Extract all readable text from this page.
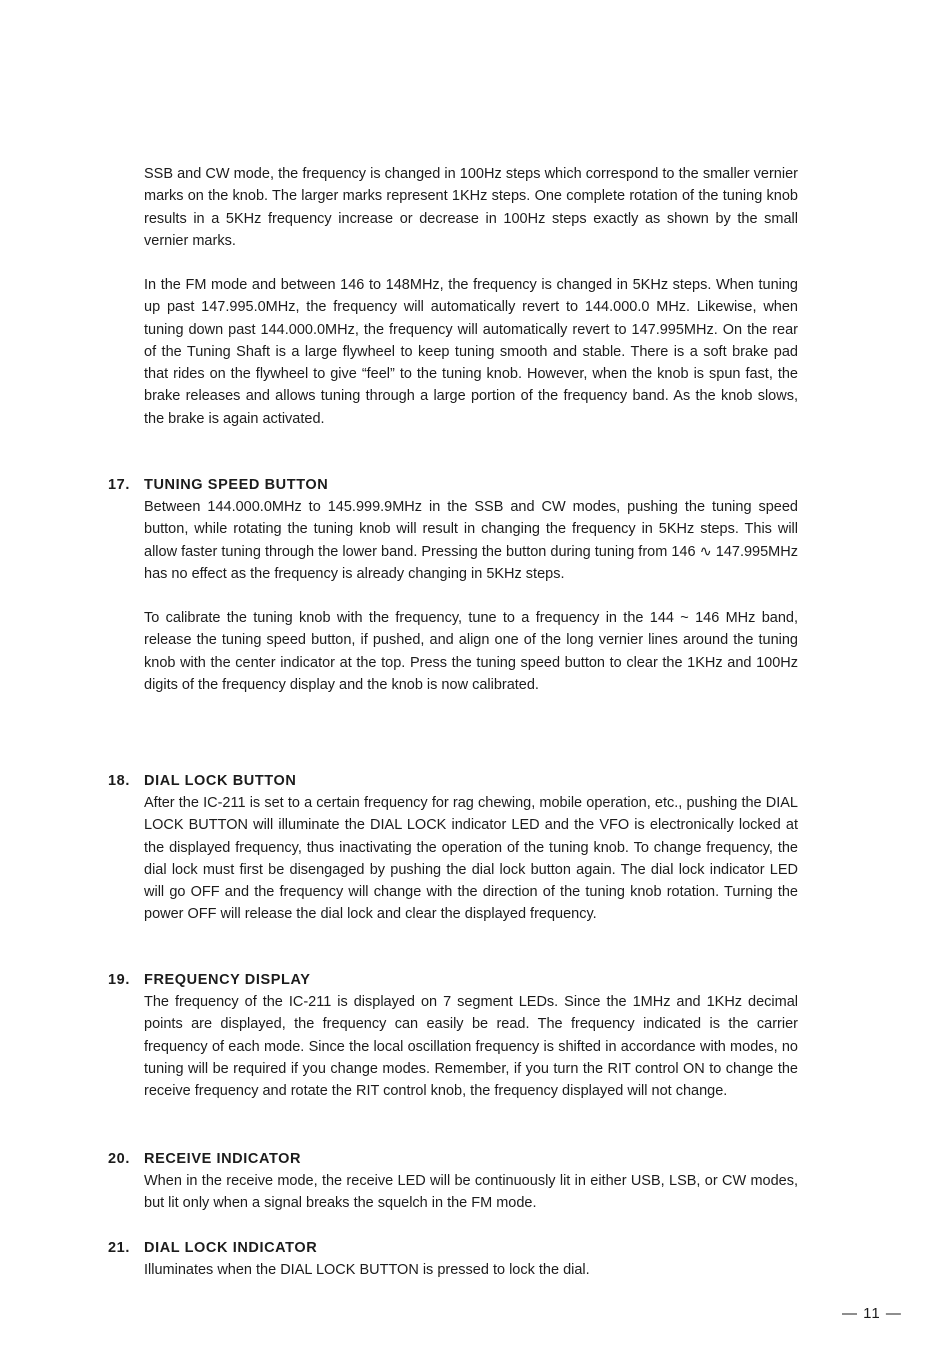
SSB and CW mode, the frequency is changed in 100Hz steps which correspond to the smaller vernier marks on the knob. The larger marks represent 1KHz steps. One complete rotation of the tuning knob results in a 5KHz frequency increase or decrease in 100Hz steps exactly as shown by the small vernier marks.

In the FM mode and between 146 to 148MHz, the frequency is changed in 5KHz steps. When tuning up past 147.995.0MHz, the frequency will automatically revert to 144.000.0 MHz. Likewise, when tuning down past 144.000.0MHz, the frequency will automatically revert to 147.995MHz. On the rear of the Tuning Shaft is a large flywheel to keep tuning smooth and stable. There is a soft brake pad that rides on the flywheel to give “feel” to the tuning knob. However, when the knob is spun fast, the brake releases and allows tuning through a large portion of the frequency band. As the knob slows, the brake is again activated.

17. TUNING SPEED BUTTON
Between 144.000.0MHz to 145.999.9MHz in the SSB and CW modes, pushing the tuning speed button, while rotating the tuning knob will result in changing the frequency in 5KHz steps. This will allow faster tuning through the lower band. Pressing the button during tuning from 146 ∿ 147.995MHz has no effect as the frequency is already changing in 5KHz steps.
To calibrate the tuning knob with the frequency, tune to a frequency in the 144 ~ 146 MHz band, release the tuning speed button, if pushed, and align one of the long vernier lines around the tuning knob with the center indicator at the top. Press the tuning speed button to clear the 1KHz and 100Hz digits of the frequency display and the knob is now calibrated.
18. DIAL LOCK BUTTON
After the IC-211 is set to a certain frequency for rag chewing, mobile operation, etc., pushing the DIAL LOCK BUTTON will illuminate the DIAL LOCK indicator LED and the VFO is electronically locked at the displayed frequency, thus inactivating the operation of the tuning knob. To change frequency, the dial lock must first be disengaged by pushing the dial lock button again. The dial lock indicator LED will go OFF and the frequency will change with the direction of the tuning knob rotation. Turning the power OFF will release the dial lock and clear the displayed frequency.
19. FREQUENCY DISPLAY
The frequency of the IC-211 is displayed on 7 segment LEDs. Since the 1MHz and 1KHz decimal points are displayed, the frequency can easily be read. The frequency indicated is the carrier frequency of each mode. Since the local oscillation frequency is shifted in accordance with modes, no tuning will be required if you change modes. Remember, if you turn the RIT control ON to change the receive frequency and rotate the RIT control knob, the frequency displayed will not change.
20. RECEIVE INDICATOR
When in the receive mode, the receive LED will be continuously lit in either USB, LSB, or CW modes, but lit only when a signal breaks the squelch in the FM mode.
21. DIAL LOCK INDICATOR
Illuminates when the DIAL LOCK BUTTON is pressed to lock the dial.
— 11 —
